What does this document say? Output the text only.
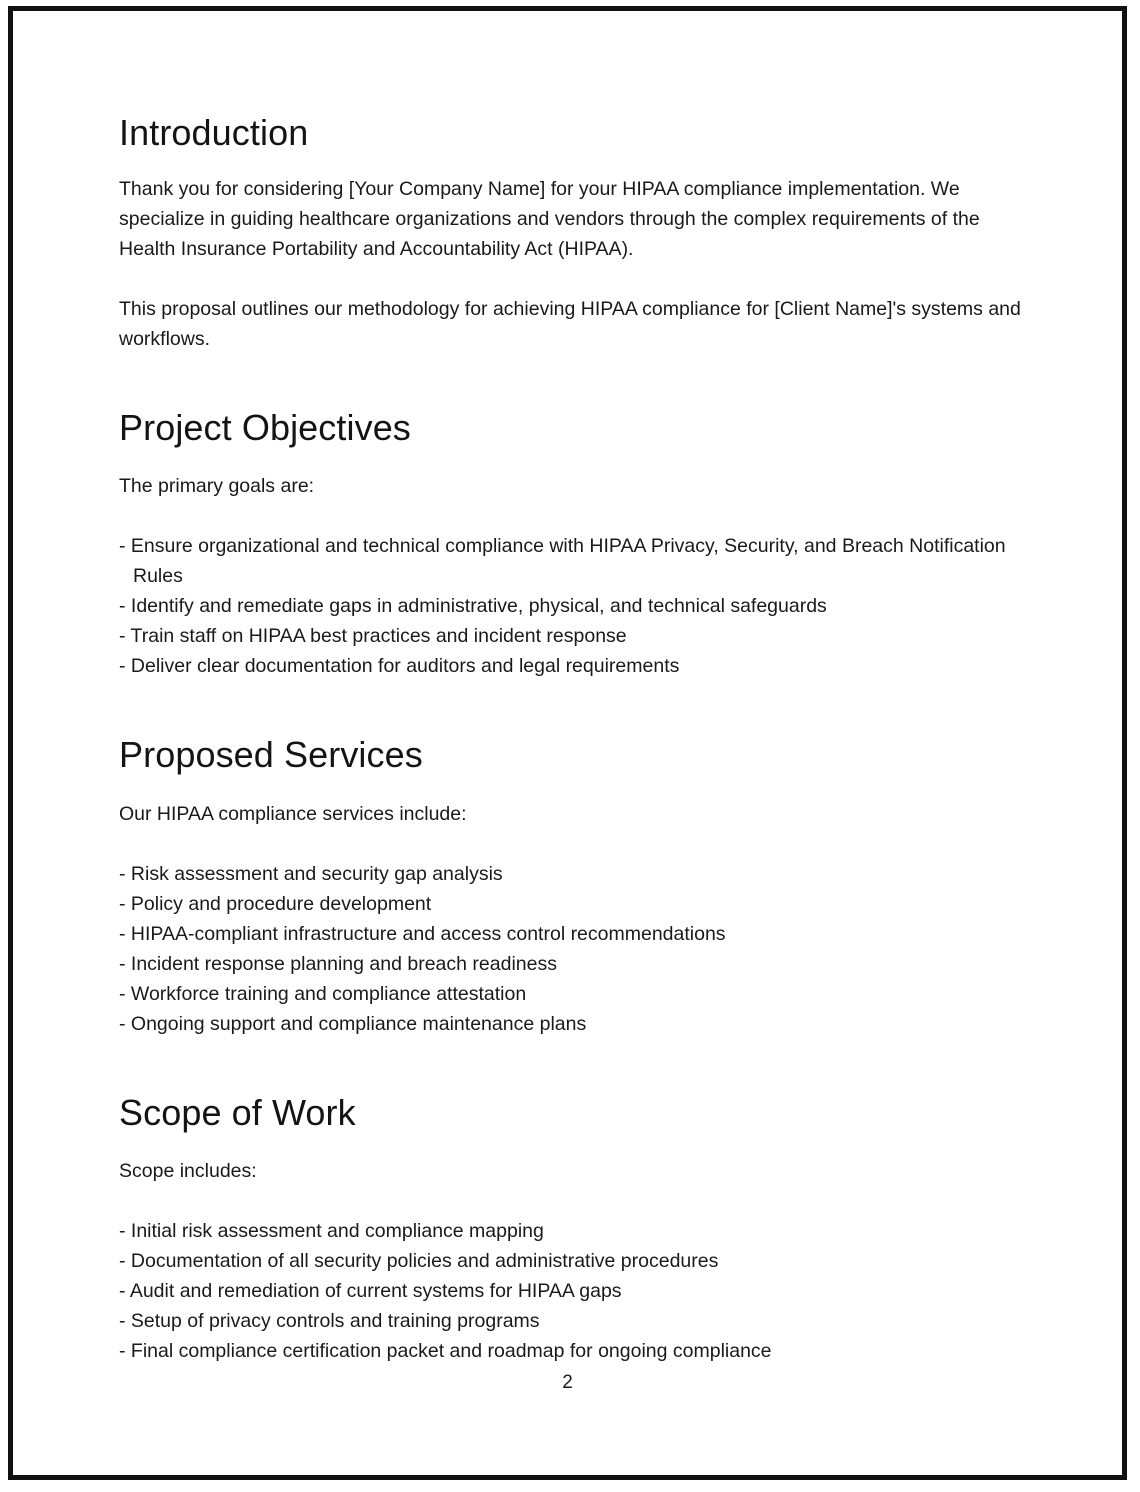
Introduction

Thank you for considering [Your Company Name] for your HIPAA compliance implementation. We specialize in guiding healthcare organizations and vendors through the complex requirements of the Health Insurance Portability and Accountability Act (HIPAA).

This proposal outlines our methodology for achieving HIPAA compliance for [Client Name]'s systems and workflows.

Project Objectives

The primary goals are:

- Ensure organizational and technical compliance with HIPAA Privacy, Security, and Breach Notification Rules
- Identify and remediate gaps in administrative, physical, and technical safeguards
- Train staff on HIPAA best practices and incident response
- Deliver clear documentation for auditors and legal requirements
Proposed Services

Our HIPAA compliance services include:

- Risk assessment and security gap analysis
- Policy and procedure development
- HIPAA-compliant infrastructure and access control recommendations
- Incident response planning and breach readiness
- Workforce training and compliance attestation
- Ongoing support and compliance maintenance plans
Scope of Work

Scope includes:

- Initial risk assessment and compliance mapping
- Documentation of all security policies and administrative procedures
- Audit and remediation of current systems for HIPAA gaps
- Setup of privacy controls and training programs
- Final compliance certification packet and roadmap for ongoing compliance
2
